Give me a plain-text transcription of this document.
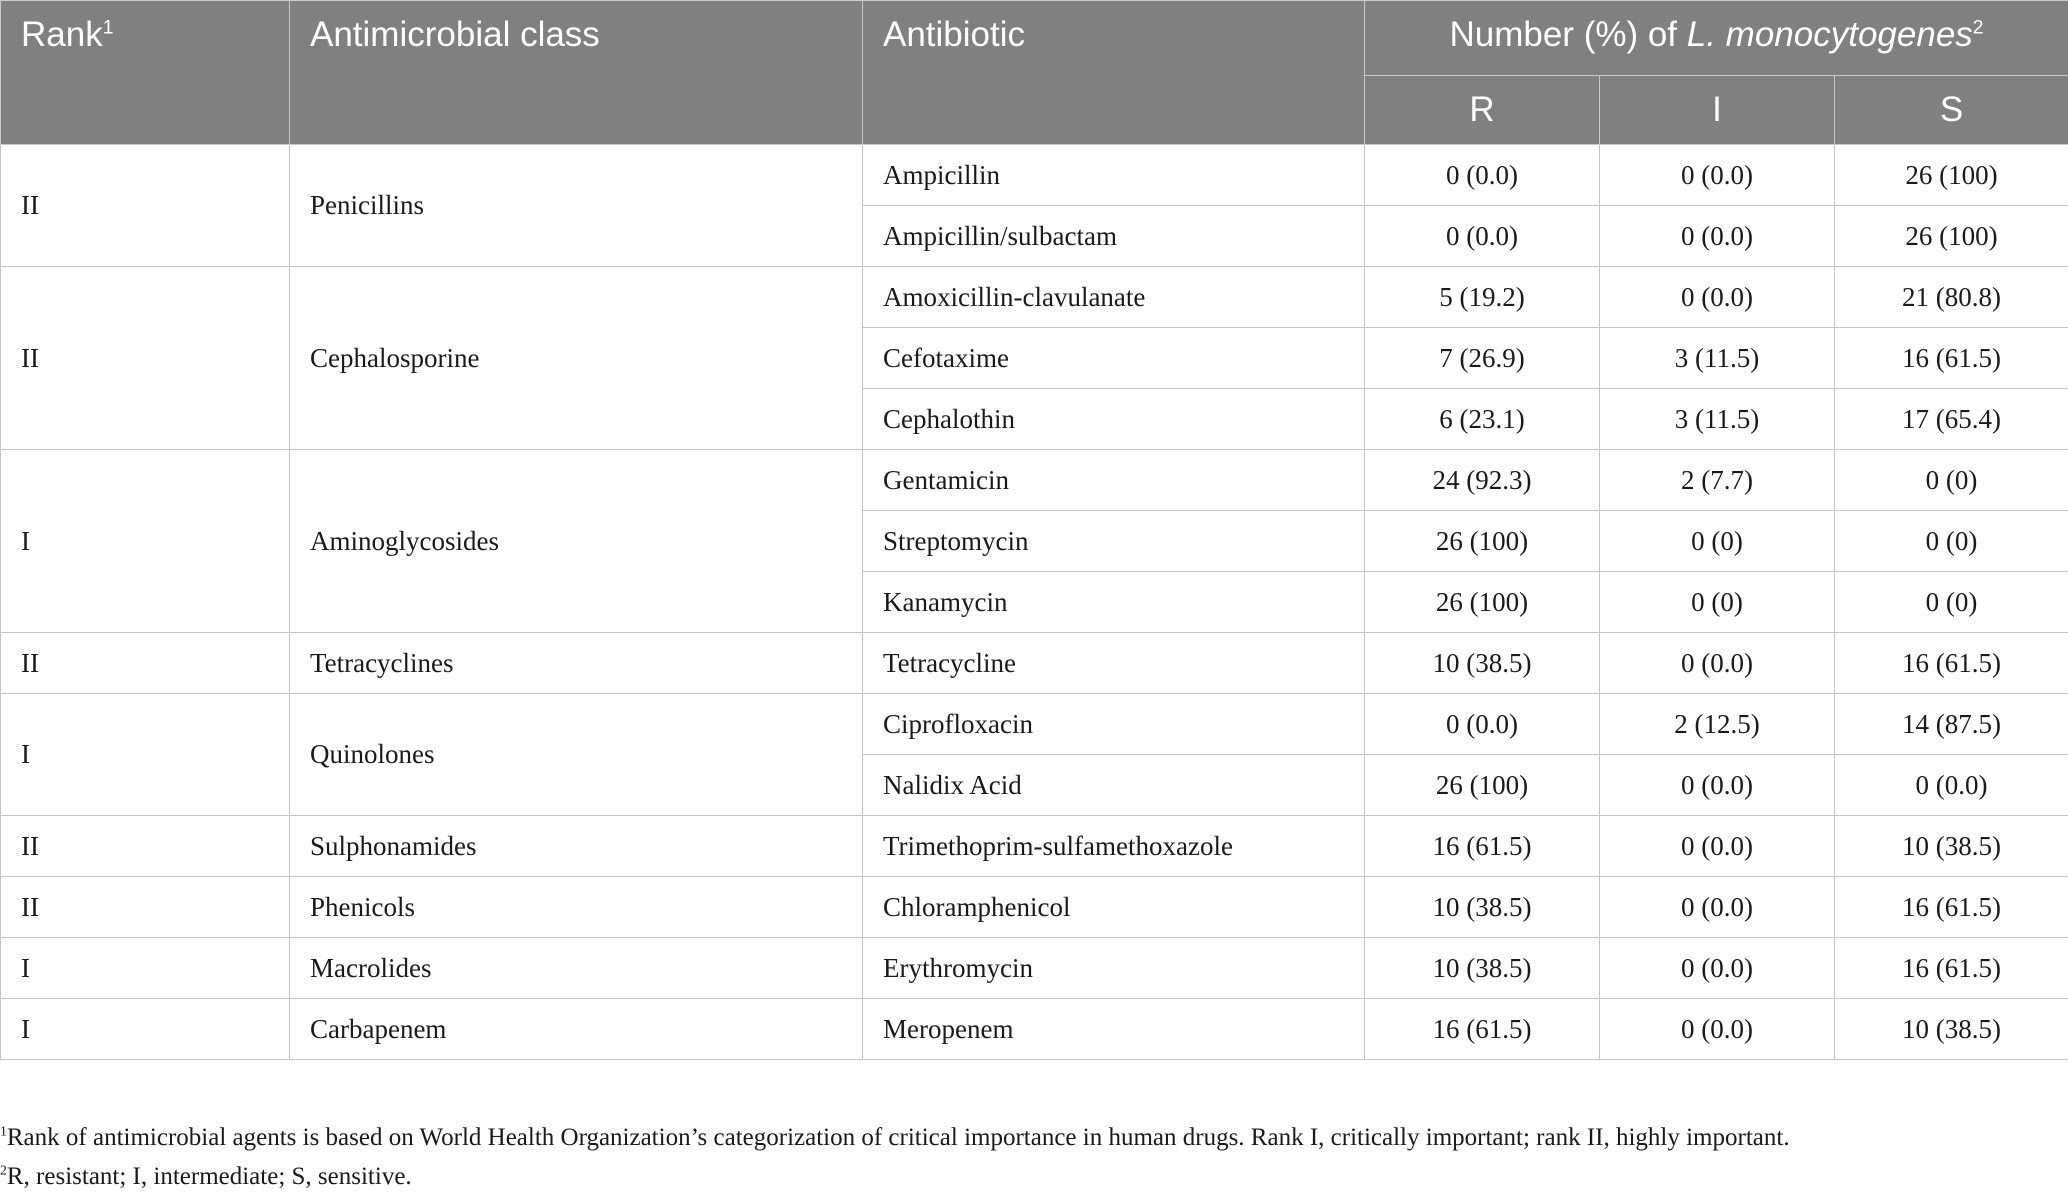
Rank$^1$	Antimicrobial class	Antibiotic	Number (%) of L. monocytogenes$^2$
			R	I	S
II	Penicillins	Ampicillin	0 (0.0)	0 (0.0)	26 (100)
		Ampicillin/sulbactam	0 (0.0)	0 (0.0)	26 (100)
II	Cephalosporine	Amoxicillin-clavulanate	5 (19.2)	0 (0.0)	21 (80.8)
		Cefotaxime	7 (26.9)	3 (11.5)	16 (61.5)
		Cephalothin	6 (23.1)	3 (11.5)	17 (65.4)
I	Aminoglycosides	Gentamicin	24 (92.3)	2 (7.7)	0 (0)
		Streptomycin	26 (100)	0 (0)	0 (0)
		Kanamycin	26 (100)	0 (0)	0 (0)
II	Tetracyclines	Tetracycline	10 (38.5)	0 (0.0)	16 (61.5)
I	Quinolones	Ciprofloxacin	0 (0.0)	2 (12.5)	14 (87.5)
		Nalidix Acid	26 (100)	0 (0.0)	0 (0.0)
II	Sulphonamides	Trimethoprim-sulfamethoxazole	16 (61.5)	0 (0.0)	10 (38.5)
II	Phenicols	Chloramphenicol	10 (38.5)	0 (0.0)	16 (61.5)
I	Macrolides	Erythromycin	10 (38.5)	0 (0.0)	16 (61.5)
I	Carbapenem	Meropenem	16 (61.5)	0 (0.0)	10 (38.5)
$^1$Rank of antimicrobial agents is based on World Health Organization’s categorization of critical importance in human drugs. Rank I, critically important; rank II, highly important.
$^2$R, resistant; I, intermediate; S, sensitive.
